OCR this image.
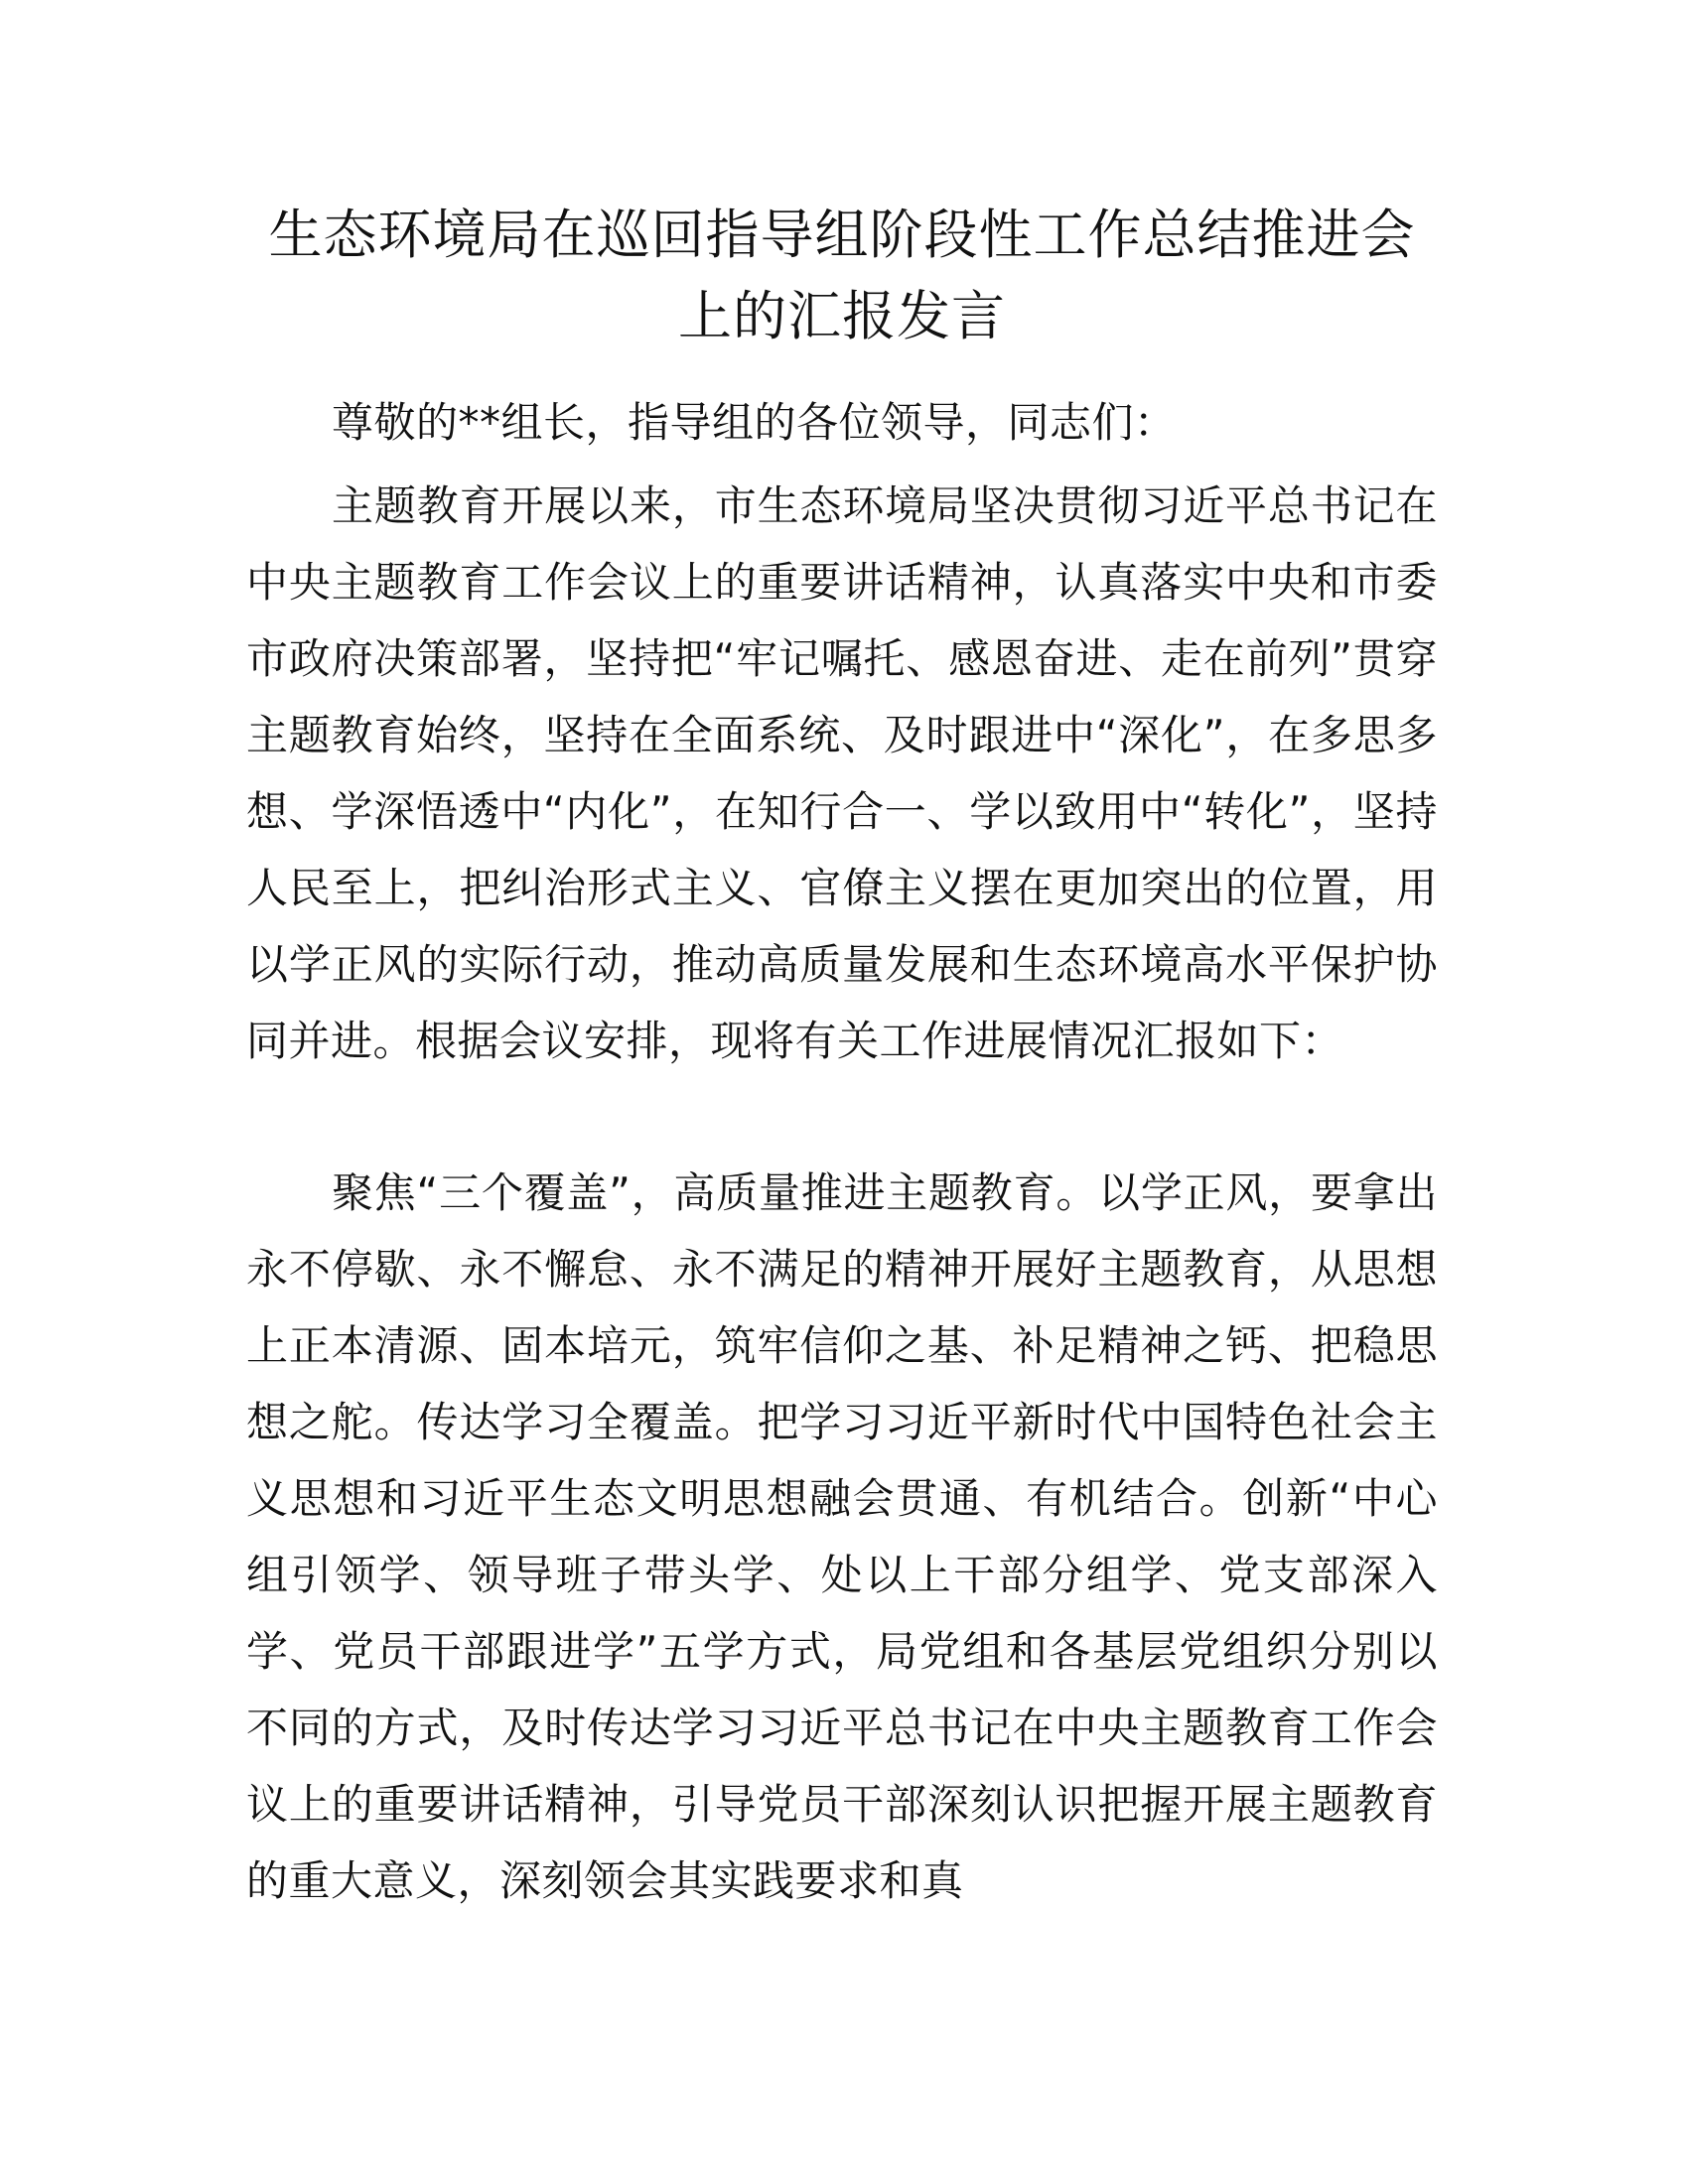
生态环境局在巡回指导组阶段性工作总结推进会上的汇报发言

尊敬的**组长，指导组的各位领导，同志们：

主题教育开展以来，市生态环境局坚决贯彻习近平总书记在中央主题教育工作会议上的重要讲话精神，认真落实中央和市委市政府决策部署，坚持把“牢记嘱托、感恩奋进、走在前列”贯穿主题教育始终，坚持在全面系统、及时跟进中“深化”，在多思多想、学深悟透中“内化”，在知行合一、学以致用中“转化”，坚持人民至上，把纠治形式主义、官僚主义摆在更加突出的位置，用以学正风的实际行动，推动高质量发展和生态环境高水平保护协同并进。根据会议安排，现将有关工作进展情况汇报如下：

聚焦“三个覆盖”，高质量推进主题教育。以学正风，要拿出永不停歇、永不懈怠、永不满足的精神开展好主题教育，从思想上正本清源、固本培元，筑牢信仰之基、补足精神之钙、把稳思想之舵。传达学习全覆盖。把学习习近平新时代中国特色社会主义思想和习近平生态文明思想融会贯通、有机结合。创新“中心组引领学、领导班子带头学、处以上干部分组学、党支部深入学、党员干部跟进学”五学方式，局党组和各基层党组织分别以不同的方式，及时传达学习习近平总书记在中央主题教育工作会议上的重要讲话精神，引导党员干部深刻认识把握开展主题教育的重大意义，深刻领会其实践要求和真
